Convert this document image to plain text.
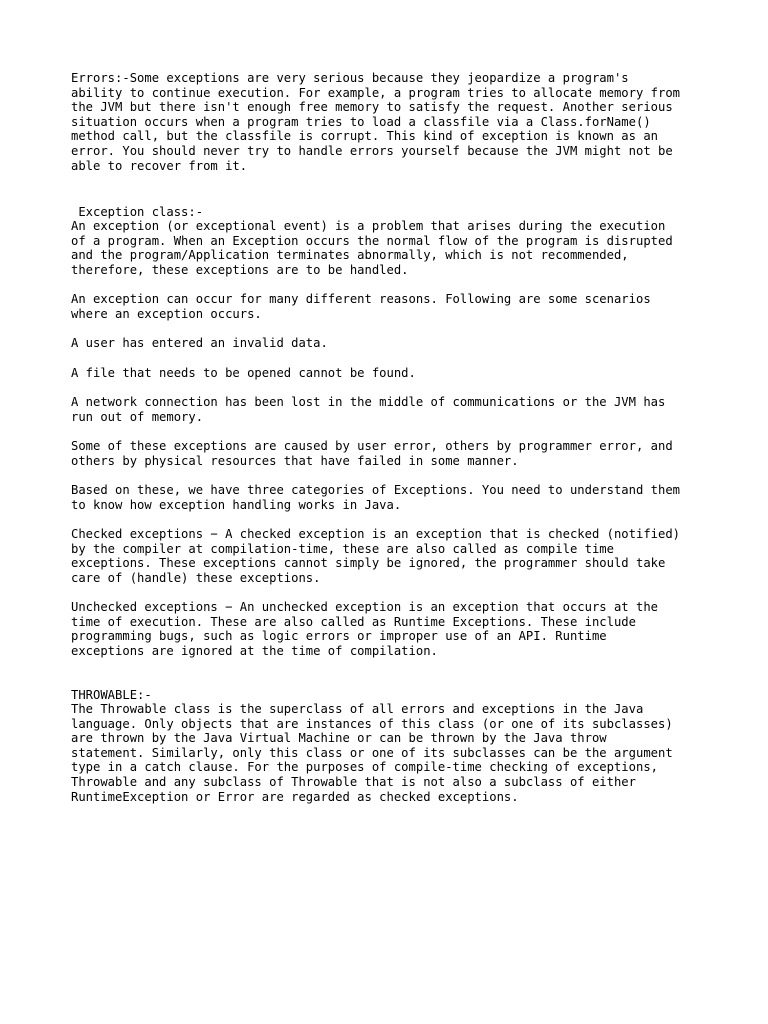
Errors:-Some exceptions are very serious because they jeopardize a program's
ability to continue execution. For example, a program tries to allocate memory from
the JVM but there isn't enough free memory to satisfy the request. Another serious
situation occurs when a program tries to load a classfile via a Class.forName()
method call, but the classfile is corrupt. This kind of exception is known as an
error. You should never try to handle errors yourself because the JVM might not be
able to recover from it.

Exception class:-

An exception (or exceptional event) is a problem that arises during the execution
of a program. When an Exception occurs the normal flow of the program is disrupted
and the program/Application terminates abnormally, which is not recommended,
therefore, these exceptions are to be handled.

An exception can occur for many different reasons. Following are some scenarios
where an exception occurs.

A user has entered an invalid data.

A file that needs to be opened cannot be found.

A network connection has been lost in the middle of communications or the JVM has
run out of memory.

Some of these exceptions are caused by user error, others by programmer error, and
others by physical resources that have failed in some manner.

Based on these, we have three categories of Exceptions. You need to understand them
to know how exception handling works in Java.

Checked exceptions − A checked exception is an exception that is checked (notified)
by the compiler at compilation-time, these are also called as compile time
exceptions. These exceptions cannot simply be ignored, the programmer should take
care of (handle) these exceptions.

Unchecked exceptions − An unchecked exception is an exception that occurs at the
time of execution. These are also called as Runtime Exceptions. These include
programming bugs, such as logic errors or improper use of an API. Runtime
exceptions are ignored at the time of compilation.

THROWABLE:-

The Throwable class is the superclass of all errors and exceptions in the Java
language. Only objects that are instances of this class (or one of its subclasses)
are thrown by the Java Virtual Machine or can be thrown by the Java throw
statement. Similarly, only this class or one of its subclasses can be the argument
type in a catch clause. For the purposes of compile-time checking of exceptions,
Throwable and any subclass of Throwable that is not also a subclass of either
RuntimeException or Error are regarded as checked exceptions.
